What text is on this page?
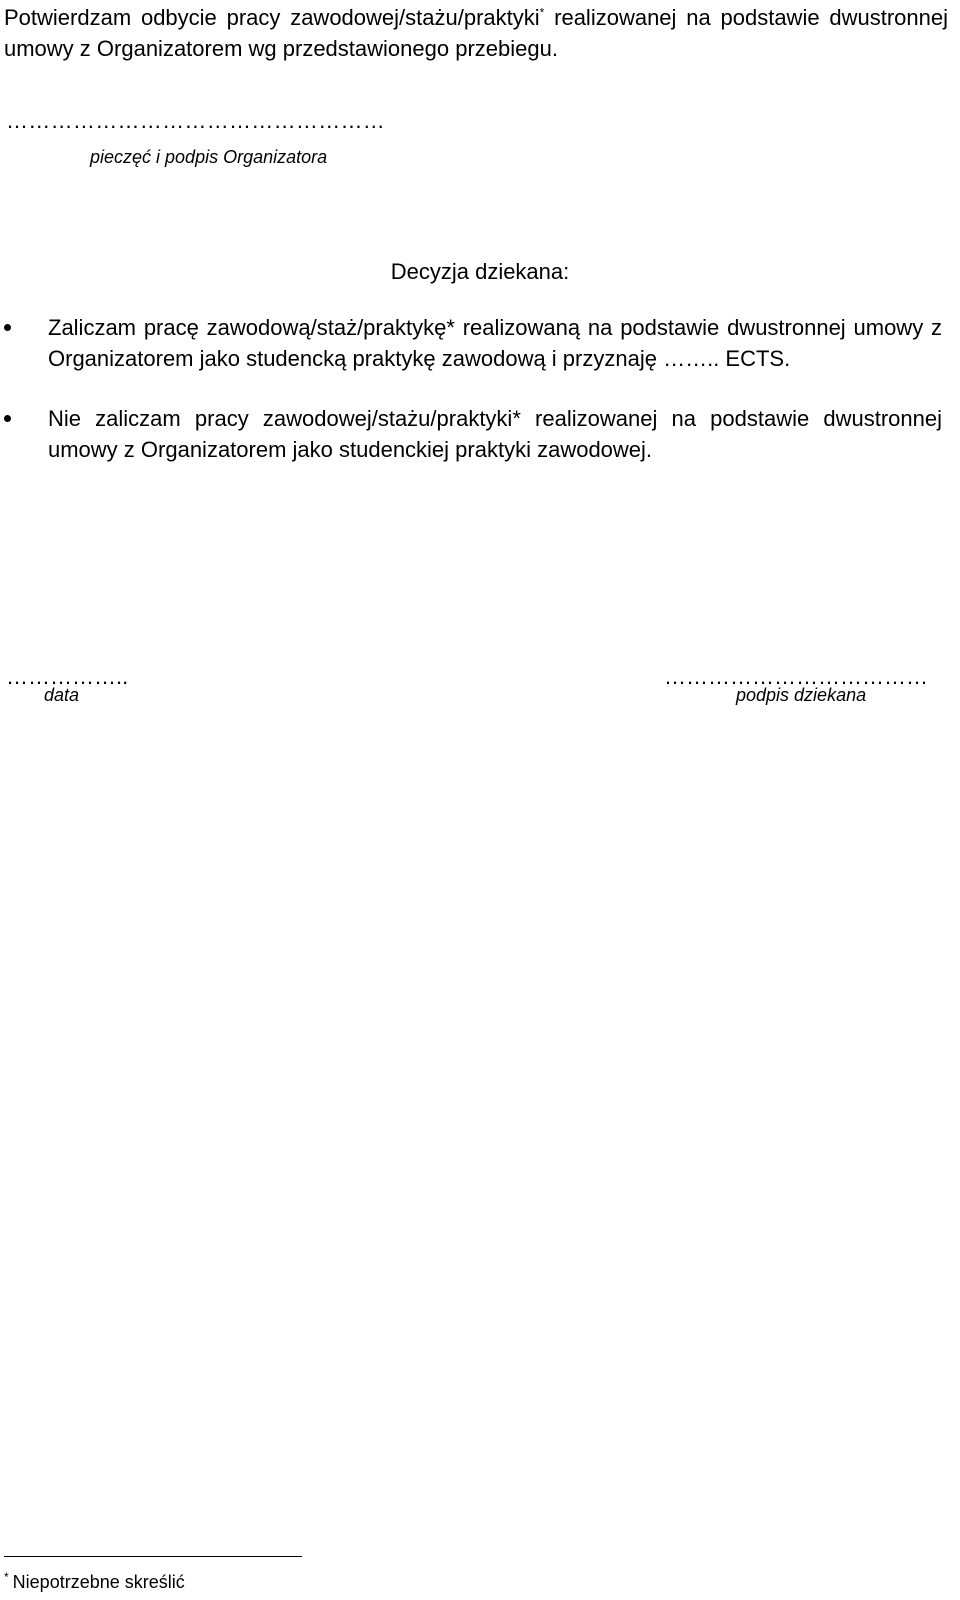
Potwierdzam odbycie pracy zawodowej/stażu/praktyki* realizowanej na podstawie dwustronnej umowy z Organizatorem wg przedstawionego przebiegu.

……………………………………………
pieczęć i podpis Organizatora
Decyzja dziekana:
Zaliczam pracę zawodową/staż/praktykę* realizowaną na podstawie dwustronnej umowy z Organizatorem jako studencką praktykę zawodową i przyznaję …….. ECTS.
Nie zaliczam pracy zawodowej/stażu/praktyki* realizowanej na podstawie dwustronnej umowy z Organizatorem jako studenckiej praktyki zawodowej.
……………..
data
………………………………
podpis dziekana
* Niepotrzebne skreślić
